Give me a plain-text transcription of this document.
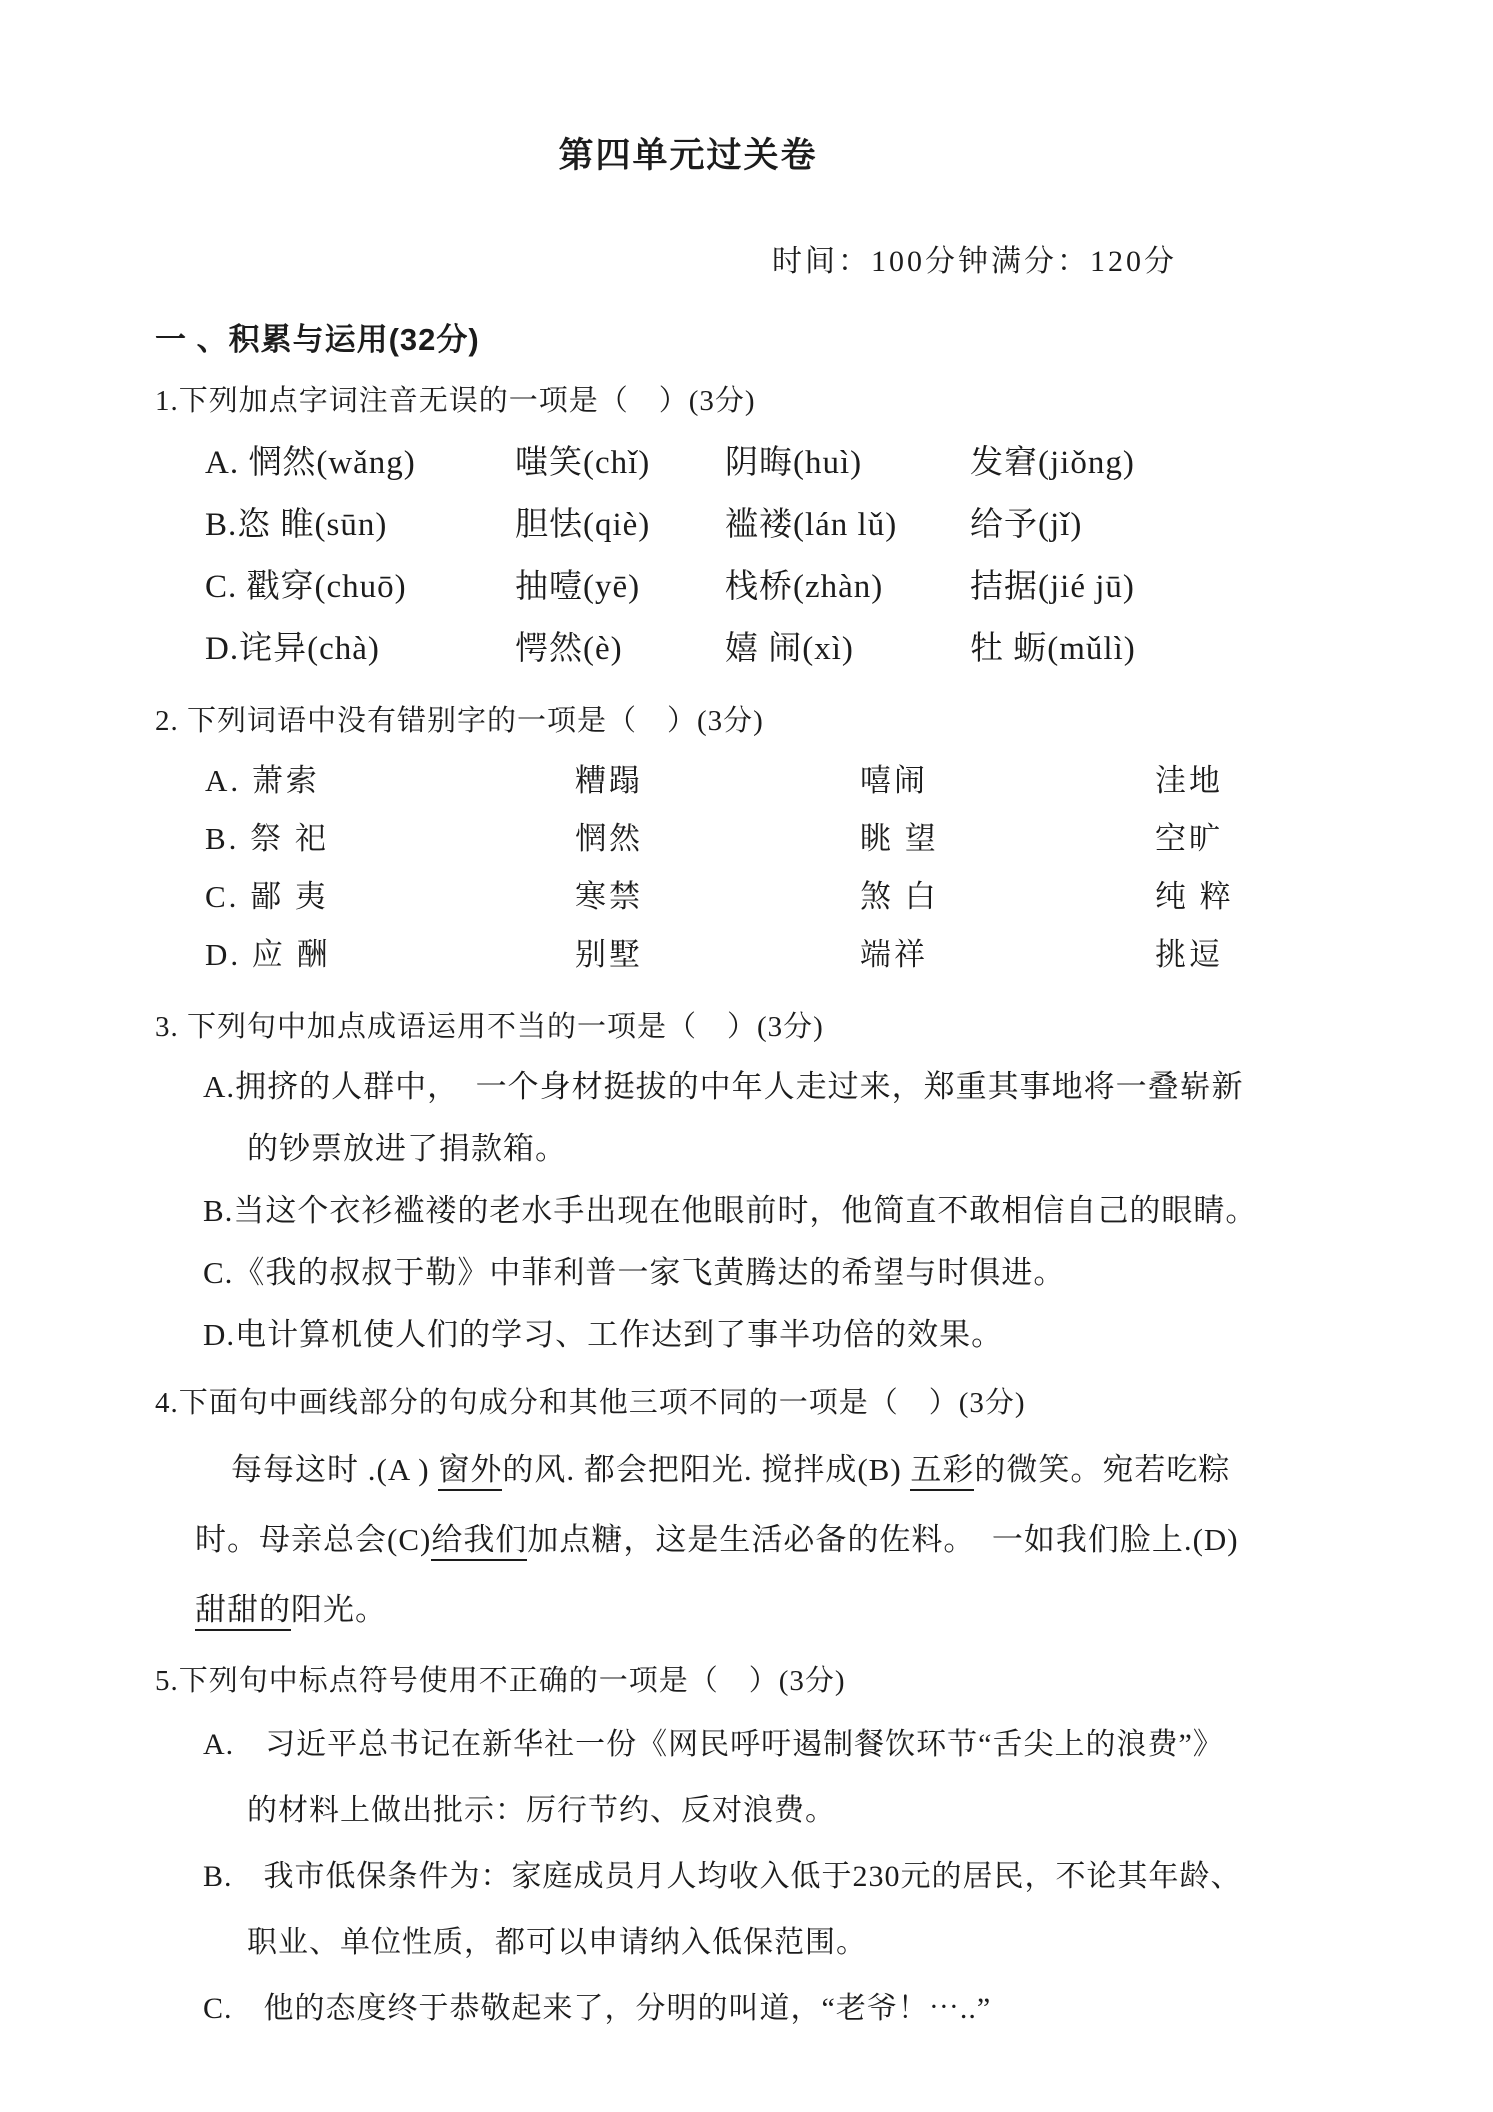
第四单元过关卷
时间：100分钟满分：120分
一 、积累与运用(32分)
1.下列加点字词注音无误的一项是（　）(3分)
A. 惘然(wǎng)	嗤笑(chǐ)	阴晦(huì)	发窘(jiǒng)
B.恣 睢(sūn)	胆怯(qiè)	褴褛(lán lǔ)	给予(jǐ)
C. 戳穿(chuō)	抽噎(yē)	栈桥(zhàn)	拮据(jié jū)
D.诧异(chà)	愕然(è)	嬉 闹(xì)	牡 蛎(mǔlì)
2. 下列词语中没有错别字的一项是（　）(3分)
A. 萧索	糟蹋	嘻闹	洼地
B. 祭 祀	惘然	眺 望	空旷
C. 鄙 夷	寒禁	煞 白	纯 粹
D. 应 酬	别墅	端祥	挑逗
3. 下列句中加点成语运用不当的一项是（　）(3分)
A.拥挤的人群中，　一个身材挺拔的中年人走过来，郑重其事地将一叠崭新
的钞票放进了捐款箱。
B.当这个衣衫褴褛的老水手出现在他眼前时，他简直不敢相信自己的眼睛。
C.《我的叔叔于勒》中菲利普一家飞黄腾达的希望与时俱进。
D.电计算机使人们的学习、工作达到了事半功倍的效果。
4.下面句中画线部分的句成分和其他三项不同的一项是（　）(3分)
每每这时 .(A ) 窗外的风. 都会把阳光. 搅拌成(B) 五彩的微笑。宛若吃粽
时。母亲总会(C)给我们加点糖，这是生活必备的佐料。　一如我们脸上.(D)
甜甜的阳光。
5.下列句中标点符号使用不正确的一项是（　）(3分)
A.　习近平总书记在新华社一份《网民呼吁遏制餐饮环节“舌尖上的浪费”》
的材料上做出批示：厉行节约、反对浪费。
B.　我市低保条件为：家庭成员月人均收入低于230元的居民，不论其年龄、
职业、单位性质，都可以申请纳入低保范围。
C.　他的态度终于恭敬起来了，分明的叫道，“老爷！⋯..”
